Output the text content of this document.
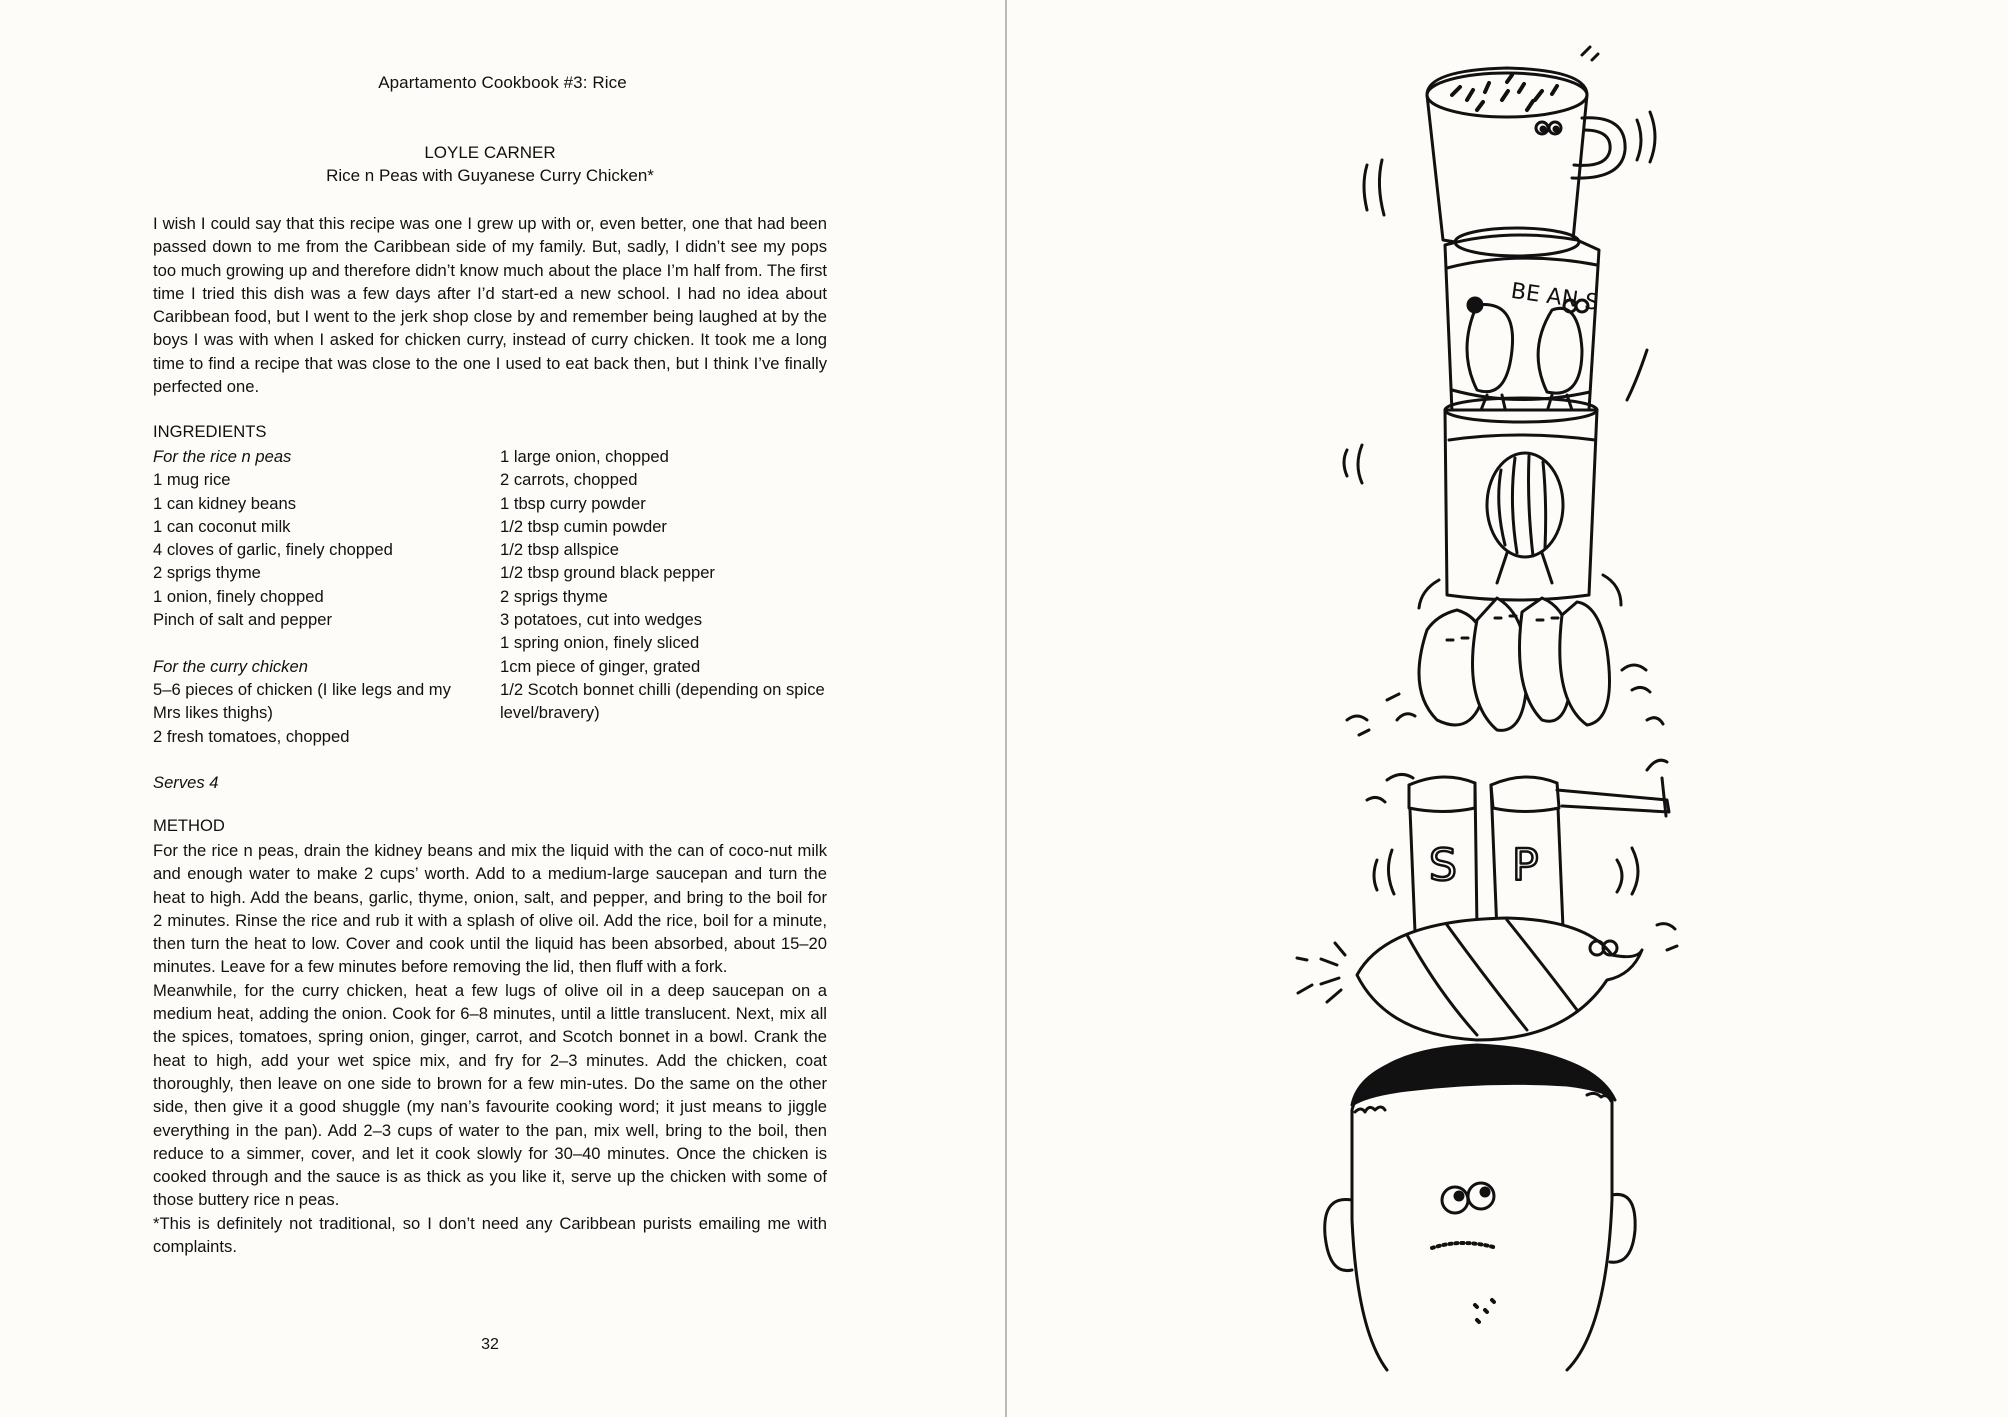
Apartamento Cookbook #3: Rice
LOYLE CARNER
Rice n Peas with Guyanese Curry Chicken*

I wish I could say that this recipe was one I grew up with or, even better, one that had been passed down to me from the Caribbean side of my family. But, sadly, I didn’t see my pops too much growing up and therefore didn’t know much about the place I’m half from. The first time I tried this dish was a few days after I’d start-ed a new school. I had no idea about Caribbean food, but I went to the jerk shop close by and remember being laughed at by the boys I was with when I asked for chicken curry, instead of curry chicken. It took me a long time to find a recipe that was close to the one I used to eat back then, but I think I’ve finally perfected one.

INGREDIENTS
For the rice n peas
1 mug rice
1 can kidney beans
1 can coconut milk
4 cloves of garlic, finely chopped
2 sprigs thyme
1 onion, finely chopped
Pinch of salt and pepper
For the curry chicken
5–6 pieces of chicken (I like legs and my Mrs likes thighs)
2 fresh tomatoes, chopped
1 large onion, chopped
2 carrots, chopped
1 tbsp curry powder
1/2 tbsp cumin powder
1/2 tbsp allspice
1/2 tbsp ground black pepper
2 sprigs thyme
3 potatoes, cut into wedges
1 spring onion, finely sliced
1cm piece of ginger, grated
1/2 Scotch bonnet chilli (depending on spice level/bravery)
Serves 4
METHOD

For the rice n peas, drain the kidney beans and mix the liquid with the can of coco-nut milk and enough water to make 2 cups’ worth. Add to a medium-large saucepan and turn the heat to high. Add the beans, garlic, thyme, onion, salt, and pepper, and bring to the boil for 2 minutes. Rinse the rice and rub it with a splash of olive oil. Add the rice, boil for a minute, then turn the heat to low. Cover and cook until the liquid has been absorbed, about 15–20 minutes. Leave for a few minutes before removing the lid, then fluff with a fork.

Meanwhile, for the curry chicken, heat a few lugs of olive oil in a deep saucepan on a medium heat, adding the onion. Cook for 6–8 minutes, until a little translucent. Next, mix all the spices, tomatoes, spring onion, ginger, carrot, and Scotch bonnet in a bowl. Crank the heat to high, add your wet spice mix, and fry for 2–3 minutes. Add the chicken, coat thoroughly, then leave on one side to brown for a few min-utes. Do the same on the other side, then give it a good shuggle (my nan’s favourite cooking word; it just means to jiggle everything in the pan). Add 2–3 cups of water to the pan, mix well, bring to the boil, then reduce to a simmer, cover, and let it cook slowly for 30–40 minutes. Once the chicken is cooked through and the sauce is as thick as you like it, serve up the chicken with some of those buttery rice n peas.

*This is definitely not traditional, so I don’t need any Caribbean purists emailing me with complaints.

32
BE AN S
S P
